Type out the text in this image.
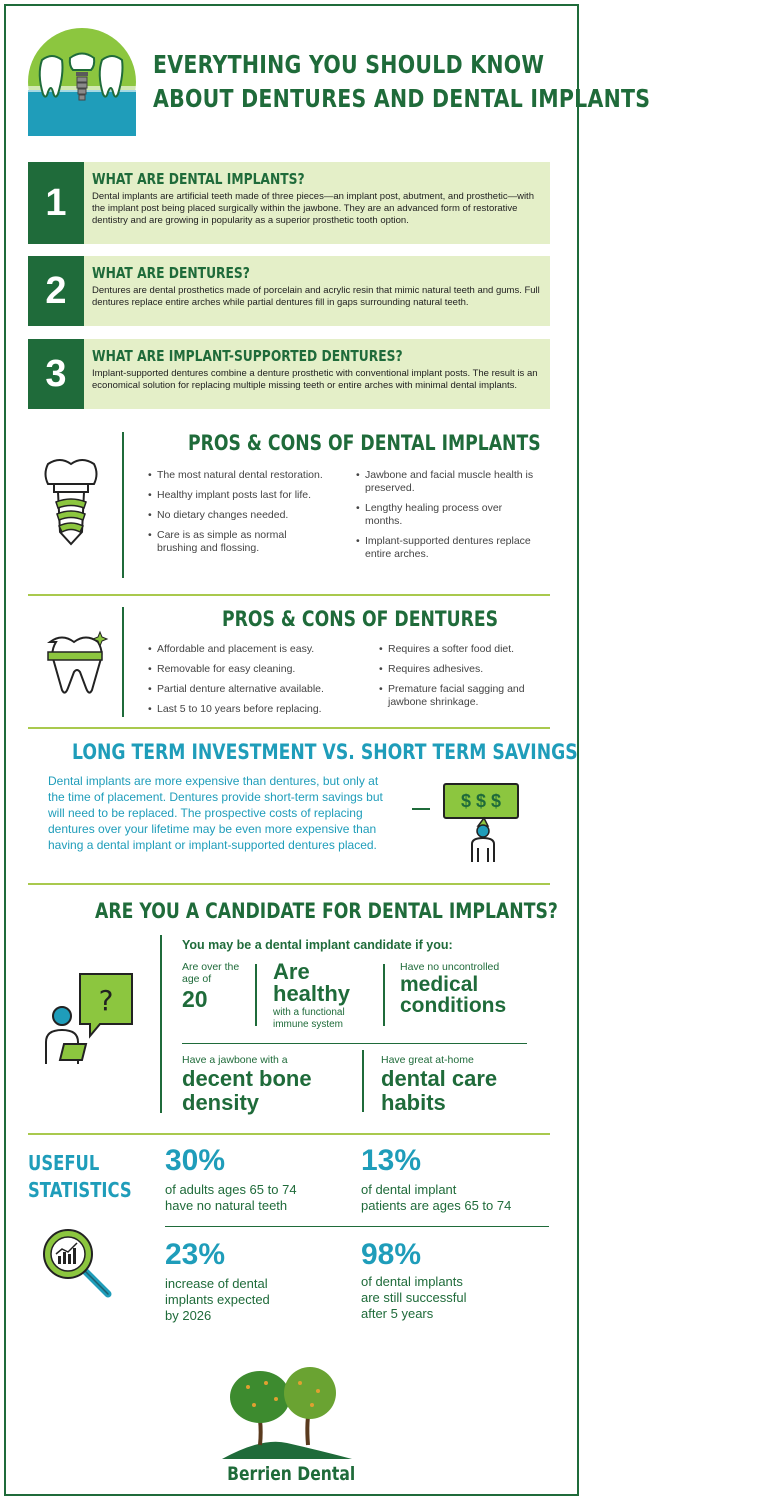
EVERYTHING YOU SHOULD KNOW
ABOUT DENTURES AND DENTAL IMPLANTS
1
WHAT ARE DENTAL IMPLANTS?
Dental implants are artificial teeth made of three pieces—an implant post, abutment, and prosthetic—with the implant post being placed surgically within the jawbone. They are an advanced form of restorative dentistry and are growing in popularity as a superior prosthetic tooth option.
2	WHAT ARE DENTURES?
Dentures are dental prosthetics made of porcelain and acrylic resin that mimic natural teeth and gums. Full dentures replace entire arches while partial dentures fill in gaps surrounding natural teeth.
3	WHAT ARE IMPLANT-SUPPORTED DENTURES?
Implant-supported dentures combine a denture prosthetic with conventional implant posts. The result is an economical solution for replacing multiple missing teeth or entire arches with minimal dental implants.
PROS & CONS OF DENTAL IMPLANTS
• The most natural dental restoration.
• Healthy implant posts last for life.
• No dietary changes needed.
• Care is as simple as normal brushing and flossing.
• Jawbone and facial muscle health is preserved.
• Lengthy healing process over months.
• Implant-supported dentures replace entire arches.
PROS & CONS OF DENTURES
• Affordable and placement is easy.
• Removable for easy cleaning.
• Partial denture alternative available.
• Last 5 to 10 years before replacing.
• Requires a softer food diet.
• Requires adhesives.
• Premature facial sagging and jawbone shrinkage.
LONG TERM INVESTMENT VS. SHORT TERM SAVINGS
Dental implants are more expensive than dentures, but only at the time of placement. Dentures provide short-term savings but will need to be replaced. The prospective costs of replacing dentures over your lifetime may be even more expensive than having a dental implant or implant-supported dentures placed.
$ $ $
ARE YOU A CANDIDATE FOR DENTAL IMPLANTS?
?
You may be a dental implant candidate if you:
Are over the age of
20
Are healthy
with a functional immune system
Have no uncontrolled
medical conditions
Have a jawbone with a
decent bone density
Have great at-home
dental care habits
USEFUL
STATISTICS
30%
of adults ages 65 to 74
have no natural teeth
13%
of dental implant
patients are ages 65 to 74
23%
increase of dental
implants expected
by 2026
98%
of dental implants
are still successful
after 5 years
Berrien Dental
